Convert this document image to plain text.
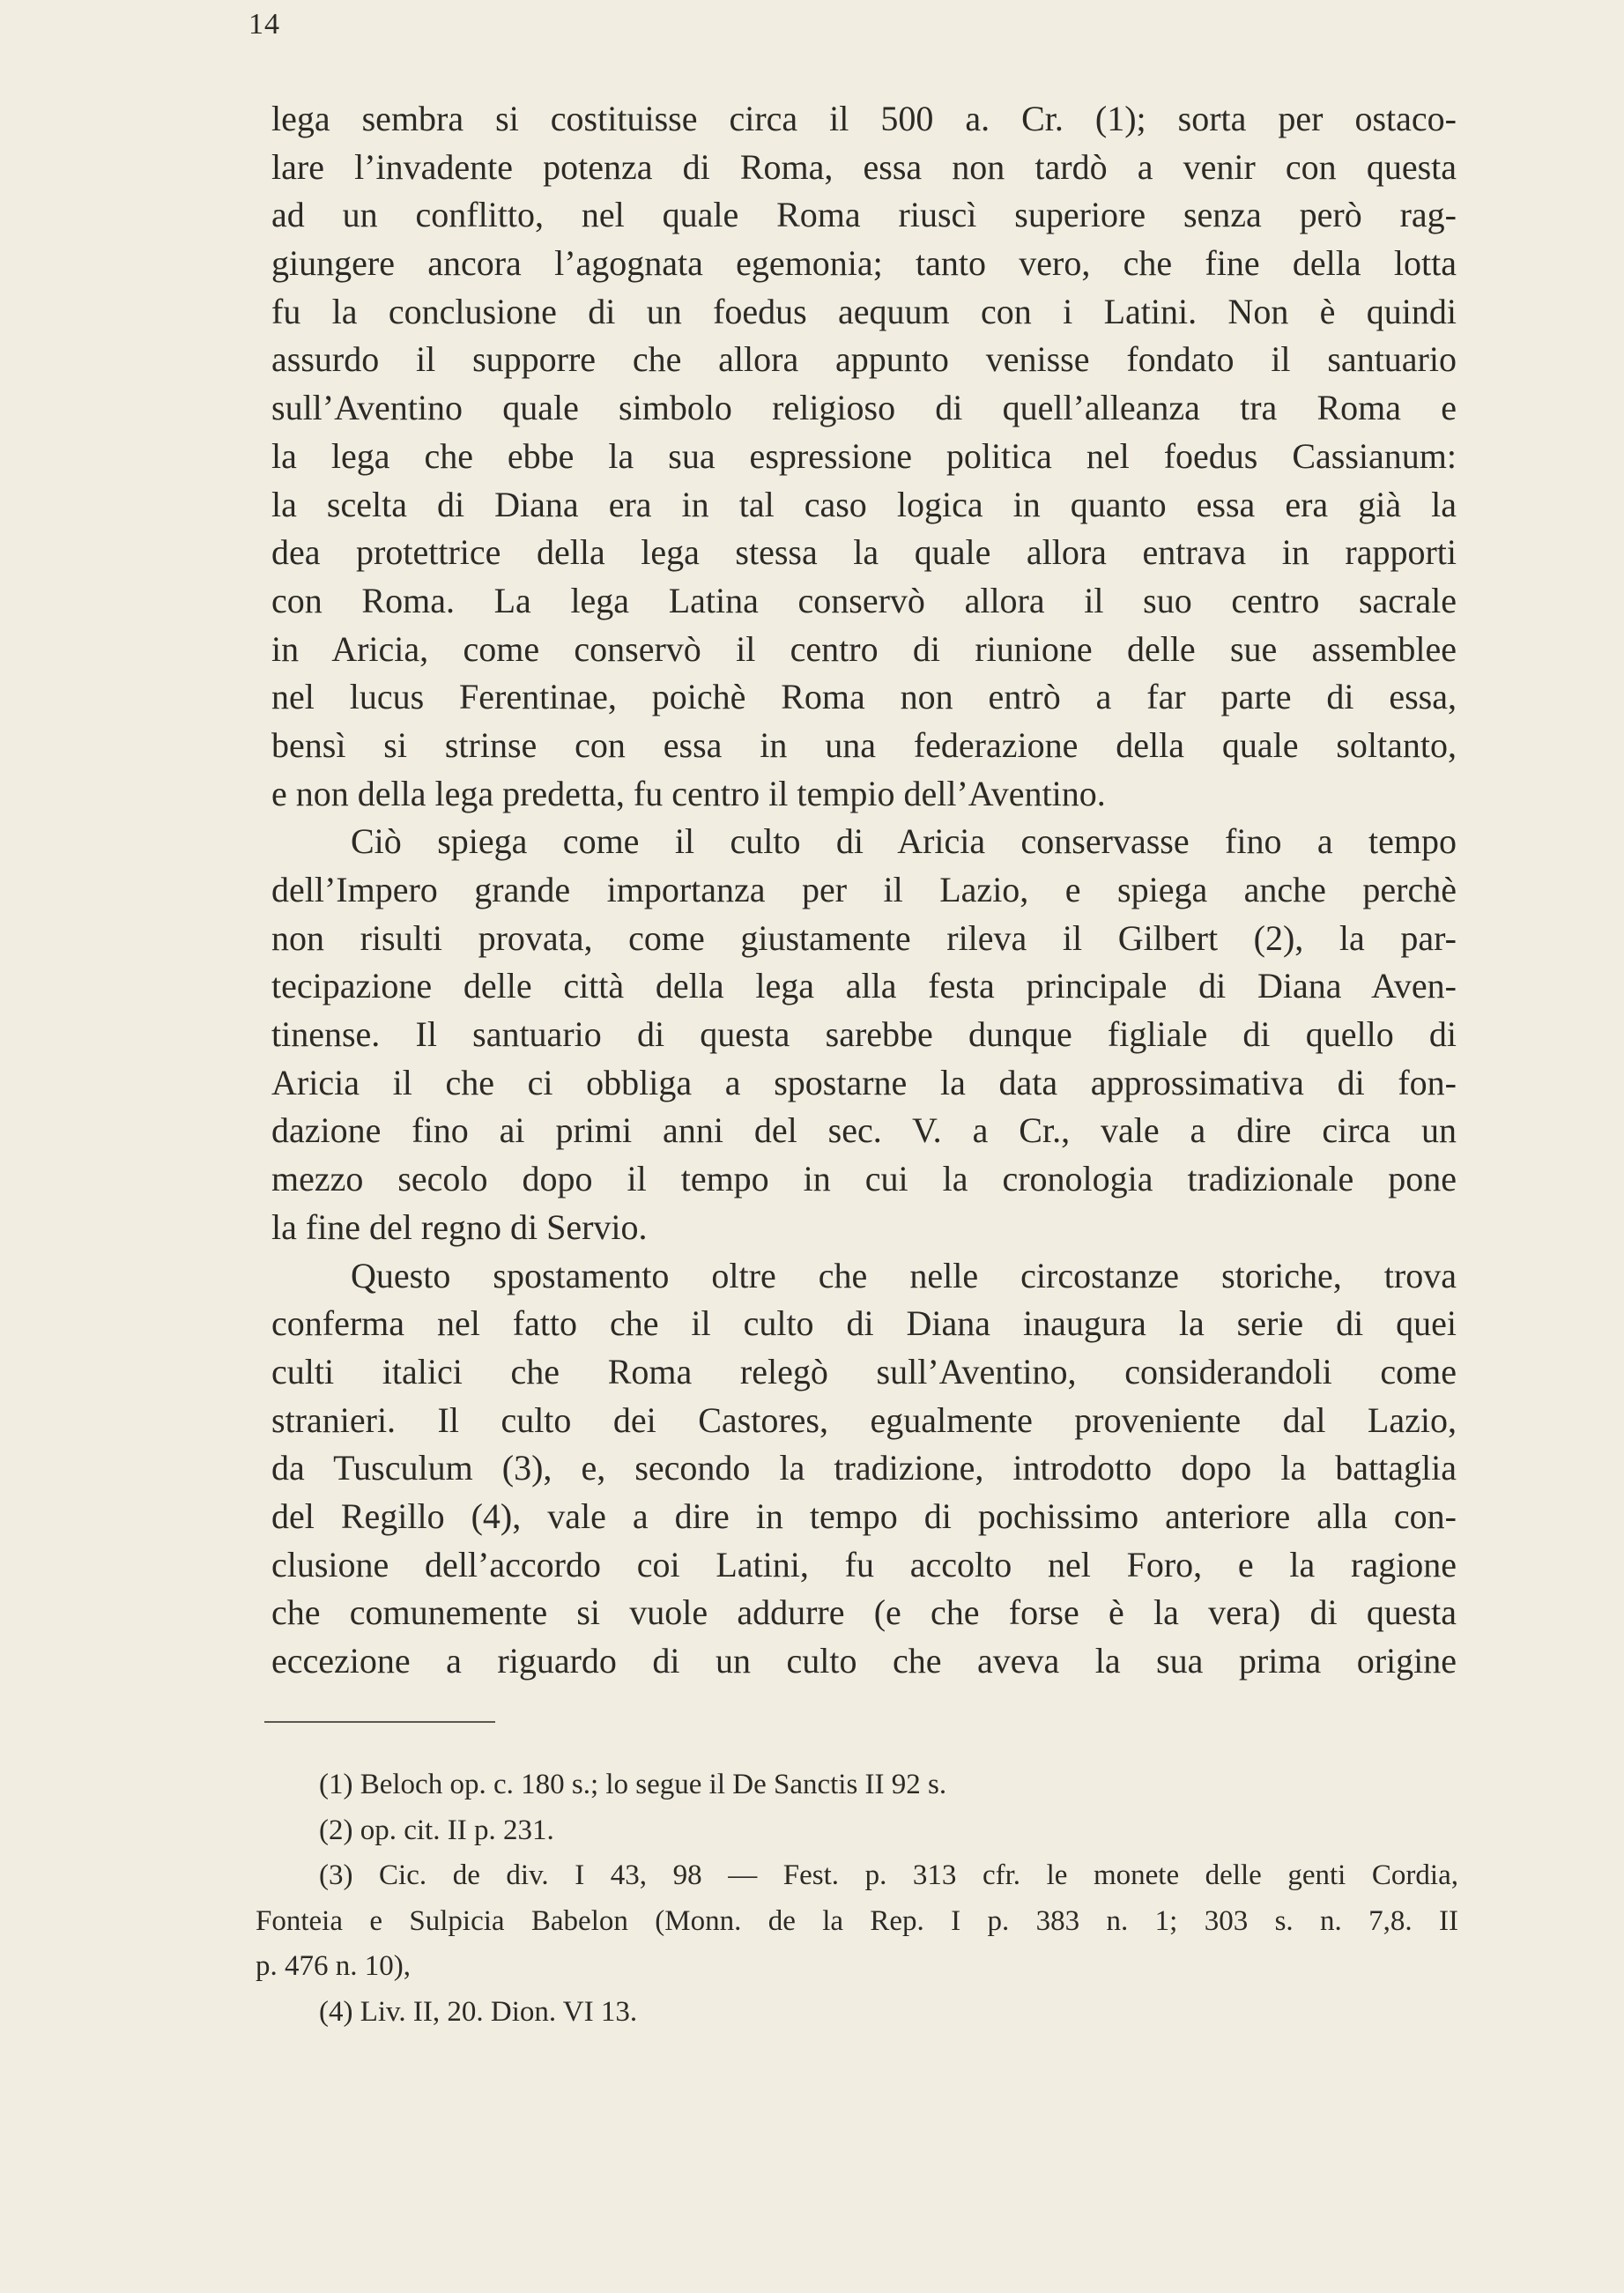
14
lega sembra si costituisse circa il 500 a. Cr. (1); sorta per ostaco-
lare l’invadente potenza di Roma, essa non tardò a venir con questa
ad un conflitto, nel quale Roma riuscì superiore senza però rag-
giungere ancora l’agognata egemonia; tanto vero, che fine della lotta
fu la conclusione di un foedus aequum con i Latini. Non è quindi
assurdo il supporre che allora appunto venisse fondato il santuario
sull’Aventino quale simbolo religioso di quell’alleanza tra Roma e
la lega che ebbe la sua espressione politica nel foedus Cassianum:
la scelta di Diana era in tal caso logica in quanto essa era già la
dea protettrice della lega stessa la quale allora entrava in rapporti
con Roma. La lega Latina conservò allora il suo centro sacrale
in Aricia, come conservò il centro di riunione delle sue assemblee
nel lucus Ferentinae, poichè Roma non entrò a far parte di essa,
bensì si strinse con essa in una federazione della quale soltanto,
e non della lega predetta, fu centro il tempio dell’Aventino.
Ciò spiega come il culto di Aricia conservasse fino a tempo
dell’Impero grande importanza per il Lazio, e spiega anche perchè
non risulti provata, come giustamente rileva il Gilbert (2), la par-
tecipazione delle città della lega alla festa principale di Diana Aven-
tinense. Il santuario di questa sarebbe dunque figliale di quello di
Aricia il che ci obbliga a spostarne la data approssimativa di fon-
dazione fino ai primi anni del sec. V. a Cr., vale a dire circa un
mezzo secolo dopo il tempo in cui la cronologia tradizionale pone
la fine del regno di Servio.
Questo spostamento oltre che nelle circostanze storiche, trova
conferma nel fatto che il culto di Diana inaugura la serie di quei
culti italici che Roma relegò sull’Aventino, considerandoli come
stranieri. Il culto dei Castores, egualmente proveniente dal Lazio,
da Tusculum (3), e, secondo la tradizione, introdotto dopo la battaglia
del Regillo (4), vale a dire in tempo di pochissimo anteriore alla con-
clusione dell’accordo coi Latini, fu accolto nel Foro, e la ragione
che comunemente si vuole addurre (e che forse è la vera) di questa
eccezione a riguardo di un culto che aveva la sua prima origine
(1) Beloch op. c. 180 s.; lo segue il De Sanctis II 92 s.
(2) op. cit. II p. 231.
(3) Cic. de div. I 43, 98 — Fest. p. 313 cfr. le monete delle genti Cordia,
Fonteia e Sulpicia Babelon (Monn. de la Rep. I p. 383 n. 1; 303 s. n. 7,8. II
p. 476 n. 10),
(4) Liv. II, 20. Dion. VI 13.
